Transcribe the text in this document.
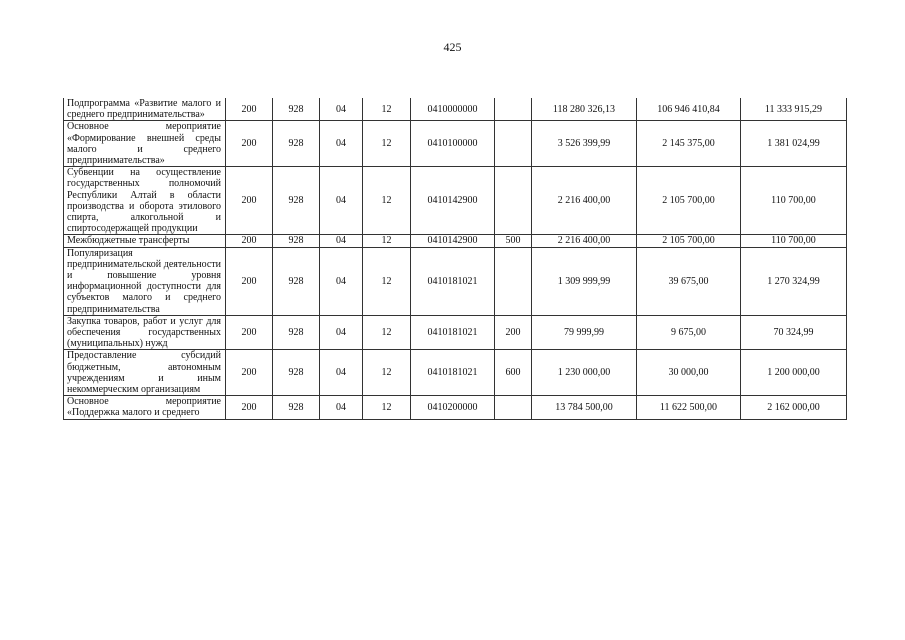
425
Подпрограмма «Развитие малого и среднего предпринимательства»	200	928	04	12	0410000000		118 280 326,13	106 946 410,84	11 333 915,29
Основное мероприятие «Формирование внешней среды малого и среднего предпринимательства»	200	928	04	12	0410100000		3 526 399,99	2 145 375,00	1 381 024,99
Субвенции на осуществление государственных полномочий Республики Алтай в области производства и оборота этилового спирта, алкогольной и спиртосодержащей продукции	200	928	04	12	0410142900		2 216 400,00	2 105 700,00	110 700,00
Межбюджетные трансферты	200	928	04	12	0410142900	500	2 216 400,00	2 105 700,00	110 700,00
Популяризация предпринимательской деятельности и повышение уровня информационной доступности для субъектов малого и среднего предпринимательства	200	928	04	12	0410181021		1 309 999,99	39 675,00	1 270 324,99
Закупка товаров, работ и услуг для обеспечения государственных (муниципальных) нужд	200	928	04	12	0410181021	200	79 999,99	9 675,00	70 324,99
Предоставление субсидий бюджетным, автономным учреждениям и иным некоммерческим организациям	200	928	04	12	0410181021	600	1 230 000,00	30 000,00	1 200 000,00
Основное мероприятие «Поддержка малого и среднего	200	928	04	12	0410200000		13 784 500,00	11 622 500,00	2 162 000,00
